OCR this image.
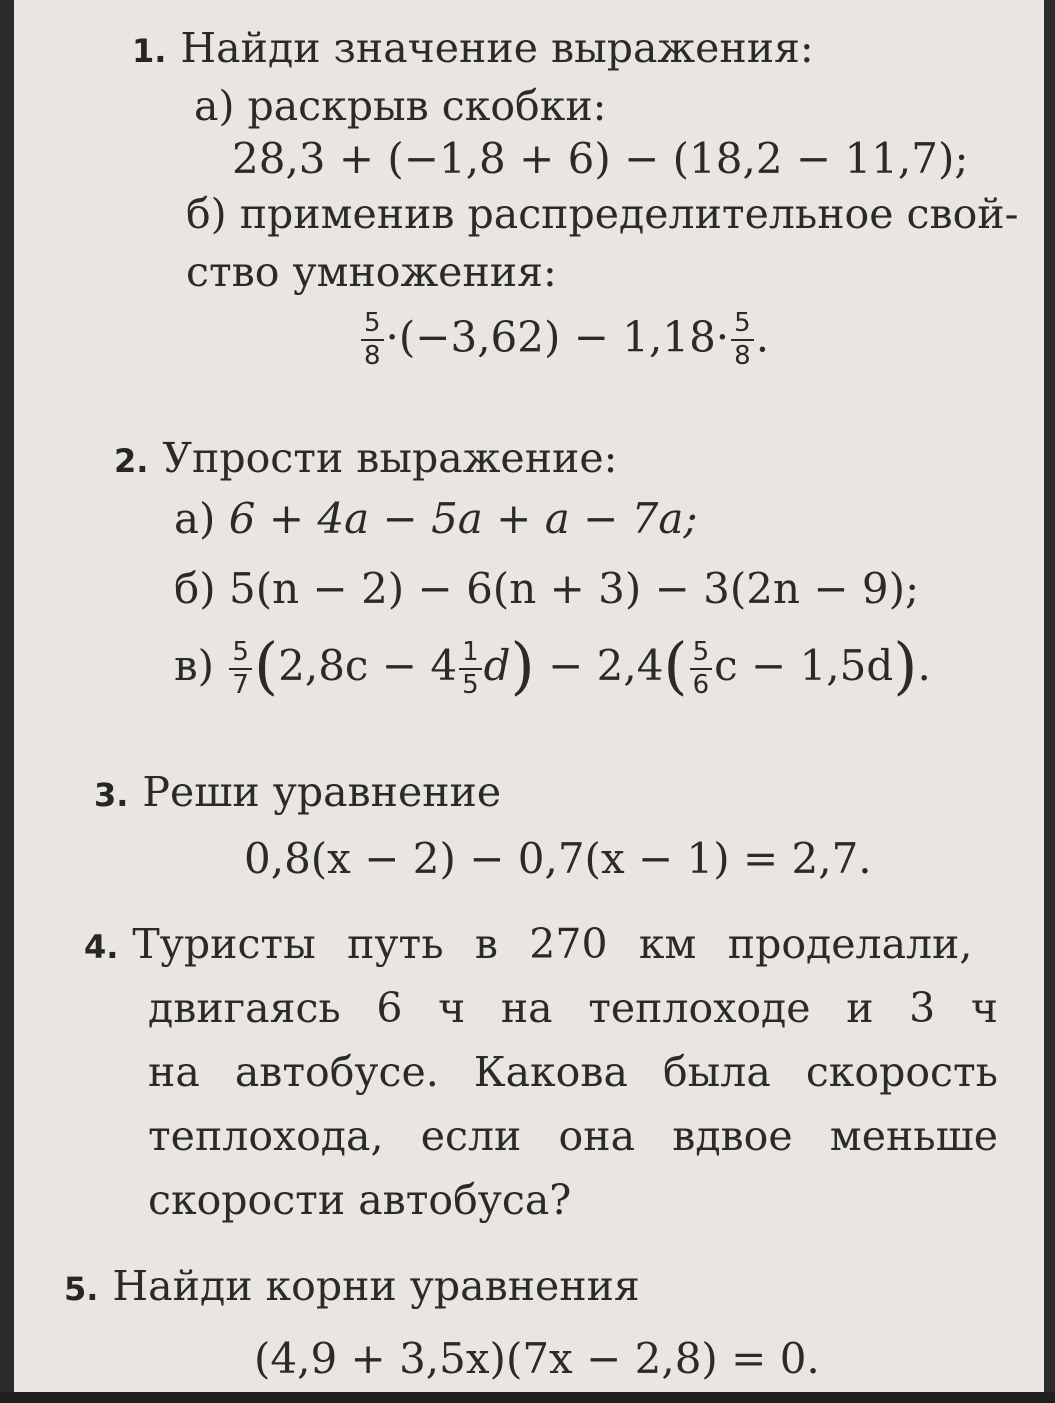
1. Найди значение выражения:
а) раскрыв скобки:
28,3 + (−1,8 + 6) − (18,2 − 11,7);
б) применив распределительное свой-
ство умножения:
$\frac{5}{8} \cdot(-3,62) - 1,18\cdot \frac{5}{8}$ .
2. Упрости выражение:
а) 6 + 4a − 5a + a − 7a;
б) 5(n − 2) − 6(n + 3) − 3(2n − 9);
$в) \frac{5}{7} (2,8c - 4 \frac{1}{5} d) - 2,4( \frac{5}{6}$ c − 1,5d).
3. Реши уравнение
0,8(x − 2) − 0,7(x − 1) = 2,7.
4. Туристы путь в 270 км проделали,
двигаясь 6 ч на теплоходе и 3 ч
на автобусе. Какова была скорость
теплохода, если она вдвое меньше
скорости автобуса?
5. Найди корни уравнения
(4,9 + 3,5x)(7x − 2,8) = 0.
